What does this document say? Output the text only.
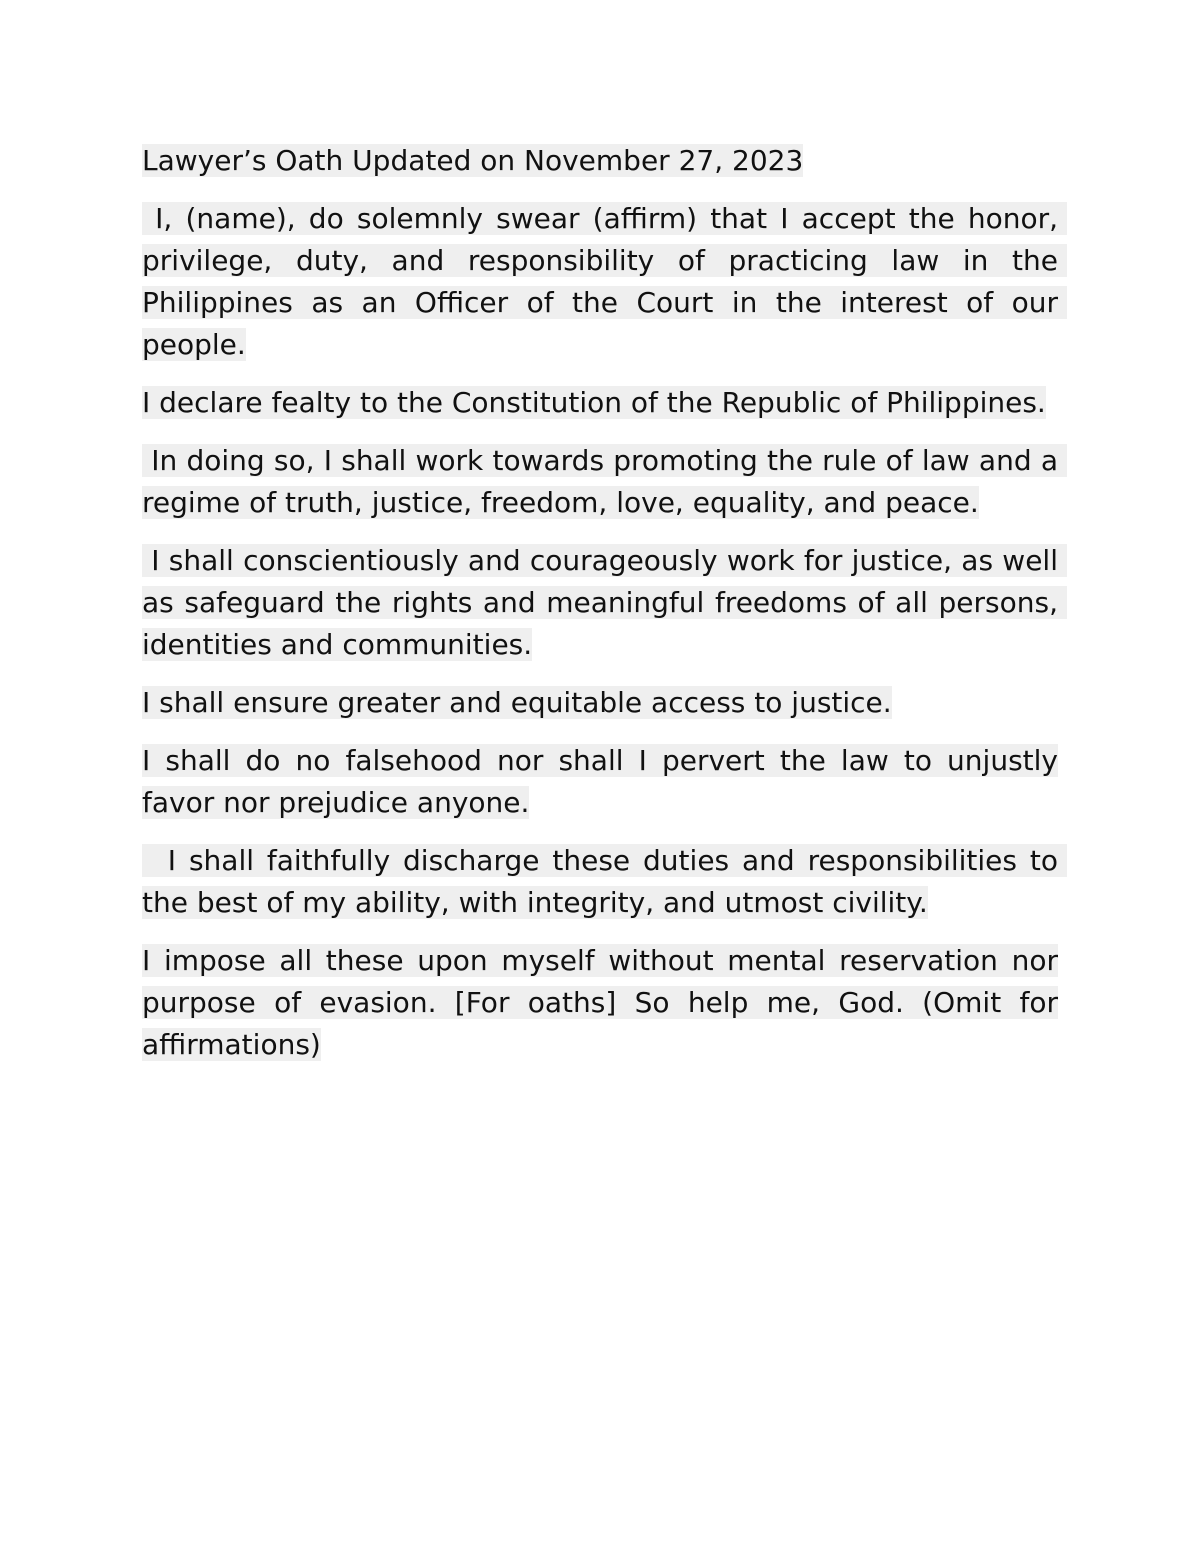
Lawyer’s Oath Updated on November 27, 2023

I, (name), do solemnly swear (affirm) that I accept the honor, privilege, duty, and responsibility of practicing law in the Philippines as an Officer of the Court in the interest of our people.

I declare fealty to the Constitution of the Republic of Philippines.

In doing so, I shall work towards promoting the rule of law and a regime of truth, justice, freedom, love, equality, and peace.

I shall conscientiously and courageously work for justice, as well as safeguard the rights and meaningful freedoms of all persons, identities and communities.

I shall ensure greater and equitable access to justice.

I shall do no falsehood nor shall I pervert the law to unjustly favor nor prejudice anyone.

I shall faithfully discharge these duties and responsibilities to the best of my ability, with integrity, and utmost civility.

I impose all these upon myself without mental reservation nor purpose of evasion. [For oaths] So help me, God. (Omit for affirmations)
